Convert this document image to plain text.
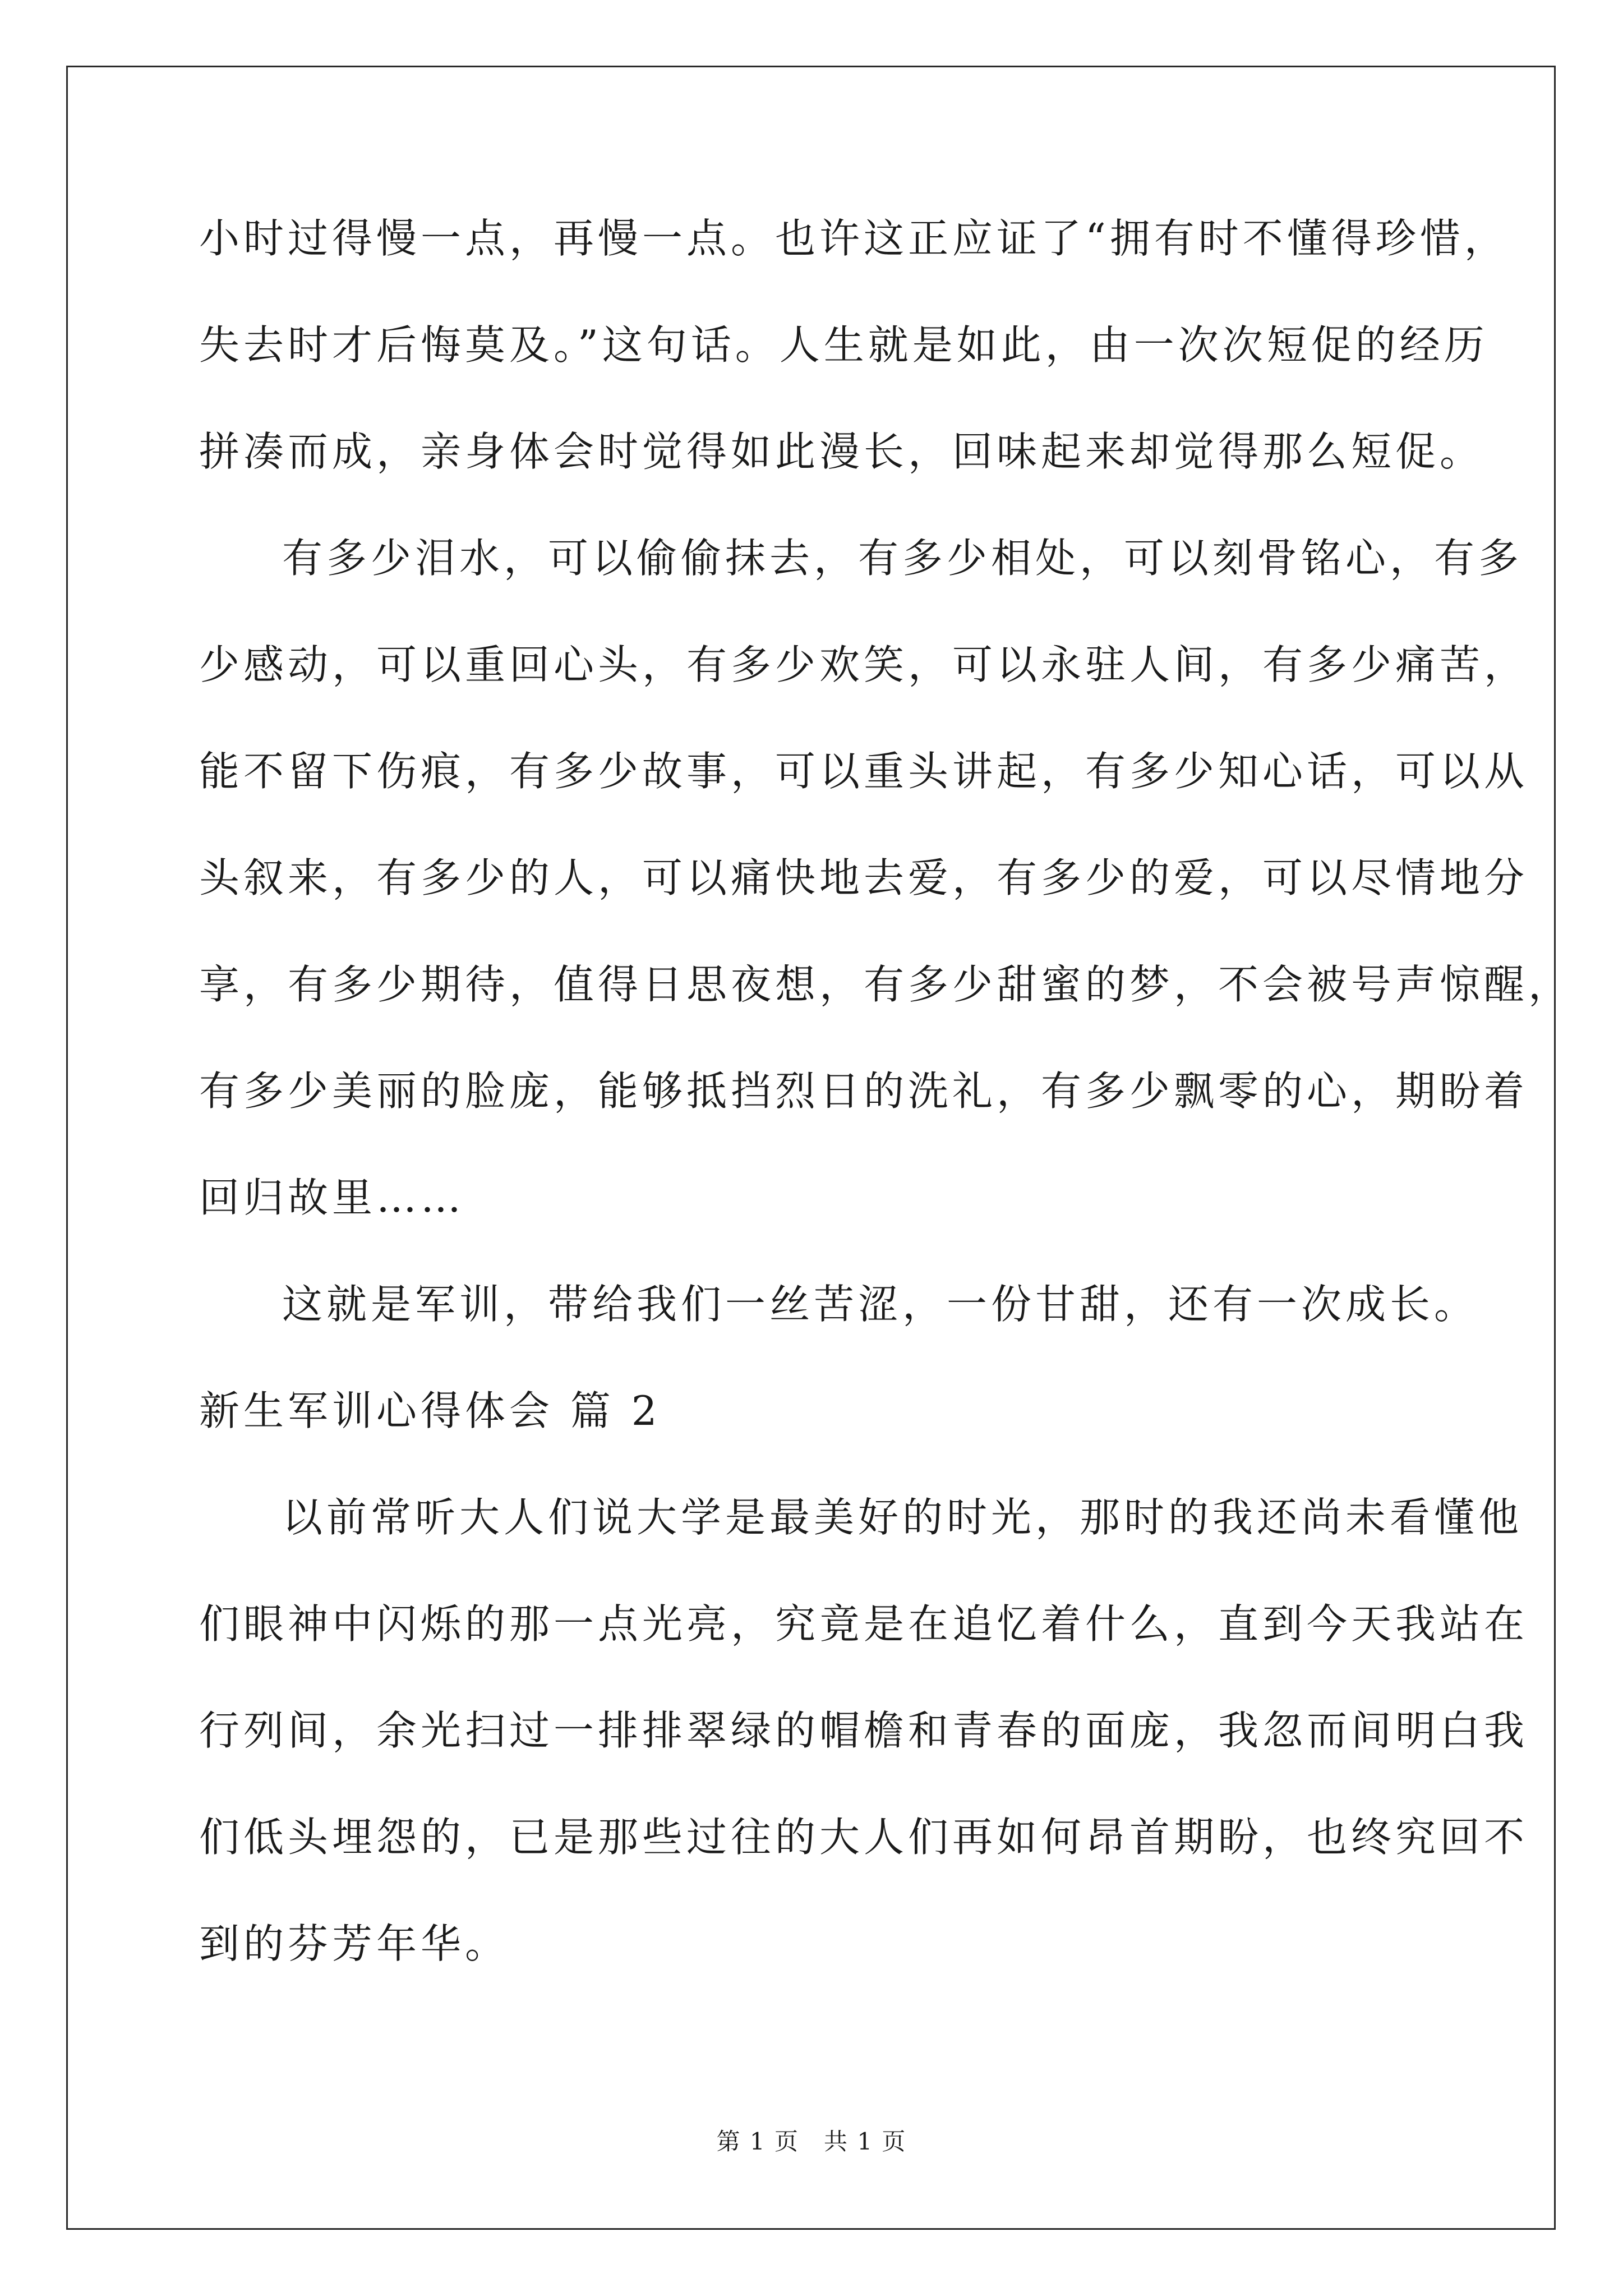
小时过得慢一点，再慢一点。也许这正应证了“拥有时不懂得珍惜，
失去时才后悔莫及。”这句话。人生就是如此，由一次次短促的经历
拼凑而成，亲身体会时觉得如此漫长，回味起来却觉得那么短促。
有多少泪水，可以偷偷抹去，有多少相处，可以刻骨铭心，有多
少感动，可以重回心头，有多少欢笑，可以永驻人间，有多少痛苦，
能不留下伤痕，有多少故事，可以重头讲起，有多少知心话，可以从
头叙来，有多少的人，可以痛快地去爱，有多少的爱，可以尽情地分
享，有多少期待，值得日思夜想，有多少甜蜜的梦，不会被号声惊醒，
有多少美丽的脸庞，能够抵挡烈日的洗礼，有多少飘零的心，期盼着
回归故里……
这就是军训，带给我们一丝苦涩，一份甘甜，还有一次成长。
新生军训心得体会 篇 2
以前常听大人们说大学是最美好的时光，那时的我还尚未看懂他
们眼神中闪烁的那一点光亮，究竟是在追忆着什么，直到今天我站在
行列间，余光扫过一排排翠绿的帽檐和青春的面庞，我忽而间明白我
们低头埋怨的，已是那些过往的大人们再如何昂首期盼，也终究回不
到的芬芳年华。
第 1 页　共 1 页
